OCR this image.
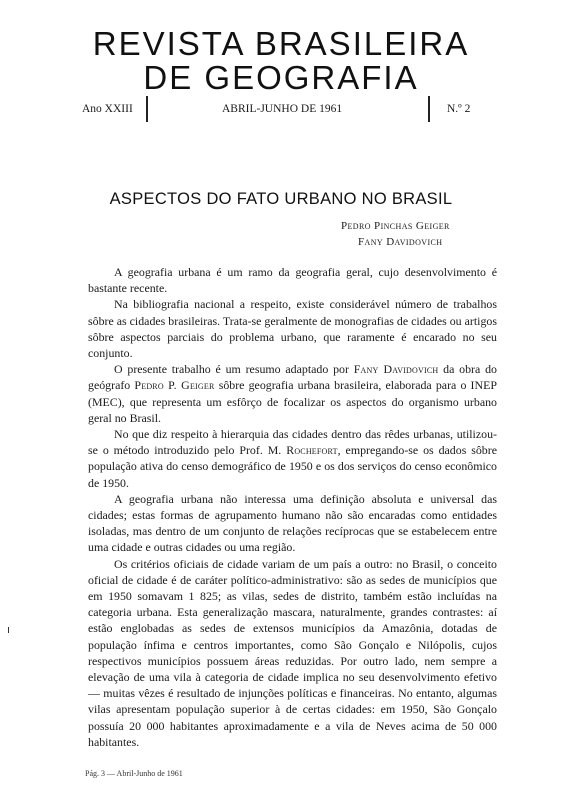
REVISTA BRASILEIRA
DE GEOGRAFIA
Ano XXIII	ABRIL-JUNHO DE 1961	N.º 2
ASPECTOS DO FATO URBANO NO BRASIL
Pedro Pinchas Geiger
Fany Davidovich

A geografia urbana é um ramo da geografia geral, cujo desenvolvimento é bastante recente.

Na bibliografia nacional a respeito, existe considerável número de trabalhos sôbre as cidades brasileiras. Trata-se geralmente de monografias de cidades ou artigos sôbre aspectos parciais do problema urbano, que raramente é encarado no seu conjunto.

O presente trabalho é um resumo adaptado por Fany Davidovich da obra do geógrafo Pedro P. Geiger sôbre geografia urbana brasileira, elaborada para o INEP (MEC), que representa um esfôrço de focalizar os aspectos do organismo urbano geral no Brasil.

No que diz respeito à hierarquia das cidades dentro das rêdes urbanas, utilizou-se o método introduzido pelo Prof. M. Rochefort, empregando-se os dados sôbre população ativa do censo demográfico de 1950 e os dos serviços do censo econômico de 1950.

A geografia urbana não interessa uma definição absoluta e universal das cidades; estas formas de agrupamento humano não são encaradas como entidades isoladas, mas dentro de um conjunto de relações recíprocas que se estabelecem entre uma cidade e outras cidades ou uma região.

Os critérios oficiais de cidade variam de um país a outro: no Brasil, o conceito oficial de cidade é de caráter político-administrativo: são as sedes de municípios que em 1950 somavam 1 825; as vilas, sedes de distrito, também estão incluídas na categoria urbana. Esta generalização mascara, naturalmente, grandes contrastes: aí estão englobadas as sedes de extensos municípios da Amazônia, dotadas de população ínfima e centros importantes, como São Gonçalo e Nilópolis, cujos respectivos municípios possuem áreas reduzidas. Por outro lado, nem sempre a elevação de uma vila à categoria de cidade implica no seu desenvolvimento efetivo — muitas vêzes é resultado de injunções políticas e financeiras. No entanto, algumas vilas apresentam população superior à de certas cidades: em 1950, São Gonçalo possuía 20 000 habitantes aproximadamente e a vila de Neves acima de 50 000 habitantes.

Pág. 3 — Abril-Junho de 1961
